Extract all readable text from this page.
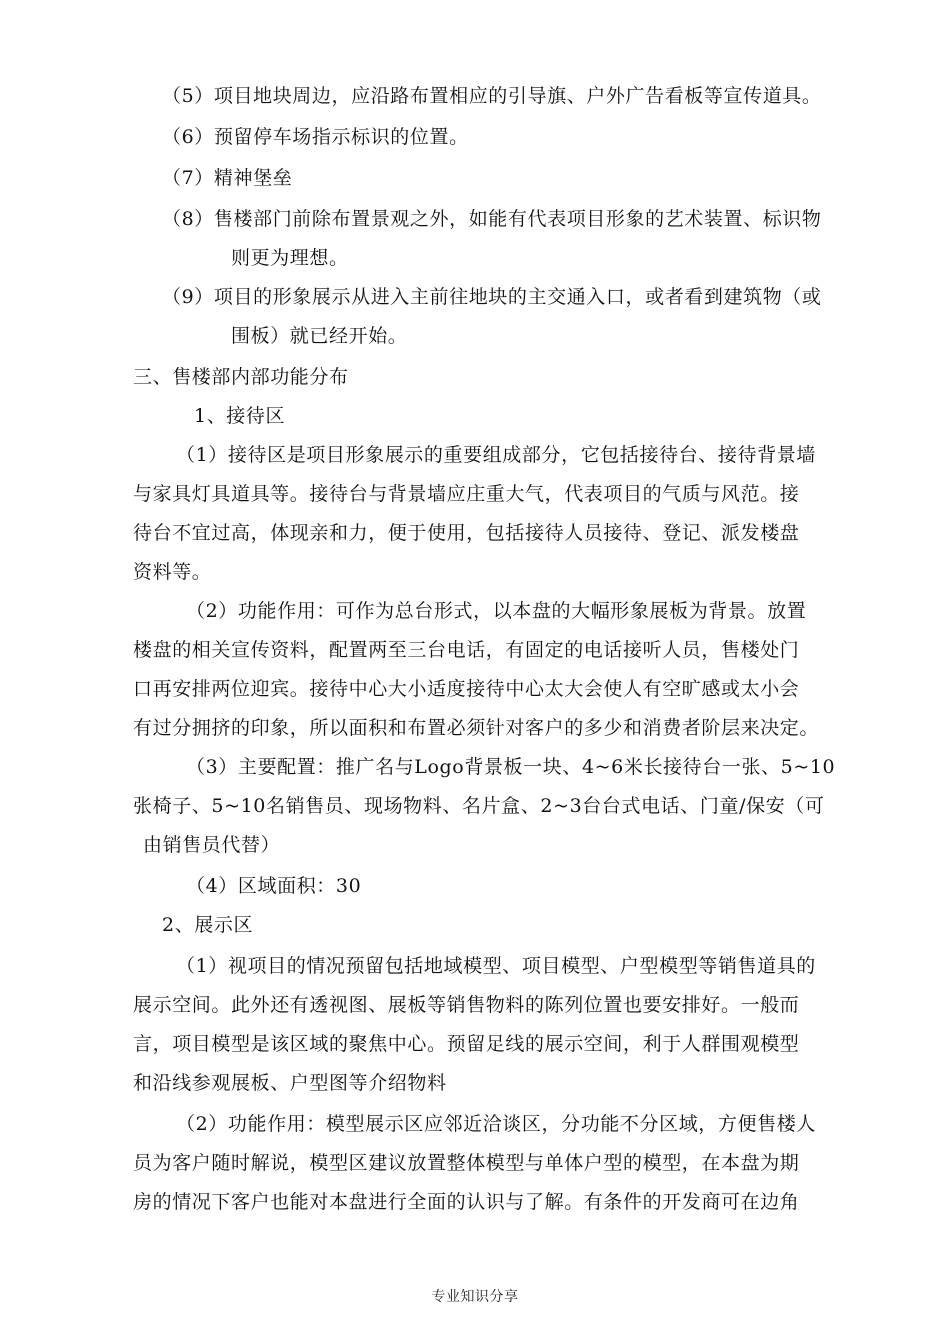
（5）项目地块周边，应沿路布置相应的引导旗、户外广告看板等宣传道具。
（6）预留停车场指示标识的位置。
（7）精神堡垒
（8）售楼部门前除布置景观之外，如能有代表项目形象的艺术装置、标识物
则更为理想。
（9）项目的形象展示从进入主前往地块的主交通入口，或者看到建筑物（或
围板）就已经开始。
三、售楼部内部功能分布
1、接待区
（1）接待区是项目形象展示的重要组成部分，它包括接待台、接待背景墙
与家具灯具道具等。接待台与背景墙应庄重大气，代表项目的气质与风范。接
待台不宜过高，体现亲和力，便于使用，包括接待人员接待、登记、派发楼盘
资料等。
（2）功能作用：可作为总台形式，以本盘的大幅形象展板为背景。放置
楼盘的相关宣传资料，配置两至三台电话，有固定的电话接听人员，售楼处门
口再安排两位迎宾。接待中心大小适度接待中心太大会使人有空旷感或太小会
有过分拥挤的印象，所以面积和布置必须针对客户的多少和消费者阶层来决定。
（3）主要配置：推广名与Logo背景板一块、4~6米长接待台一张、5~10
张椅子、5~10名销售员、现场物料、名片盒、2~3台台式电话、门童/保安（可
由销售员代替）
（4）区域面积：30
2、展示区
（1）视项目的情况预留包括地域模型、项目模型、户型模型等销售道具的
展示空间。此外还有透视图、展板等销售物料的陈列位置也要安排好。一般而
言，项目模型是该区域的聚焦中心。预留足线的展示空间，利于人群围观模型
和沿线参观展板、户型图等介绍物料
（2）功能作用：模型展示区应邻近洽谈区，分功能不分区域，方便售楼人
员为客户随时解说，模型区建议放置整体模型与单体户型的模型，在本盘为期
房的情况下客户也能对本盘进行全面的认识与了解。有条件的开发商可在边角
专业知识分享
